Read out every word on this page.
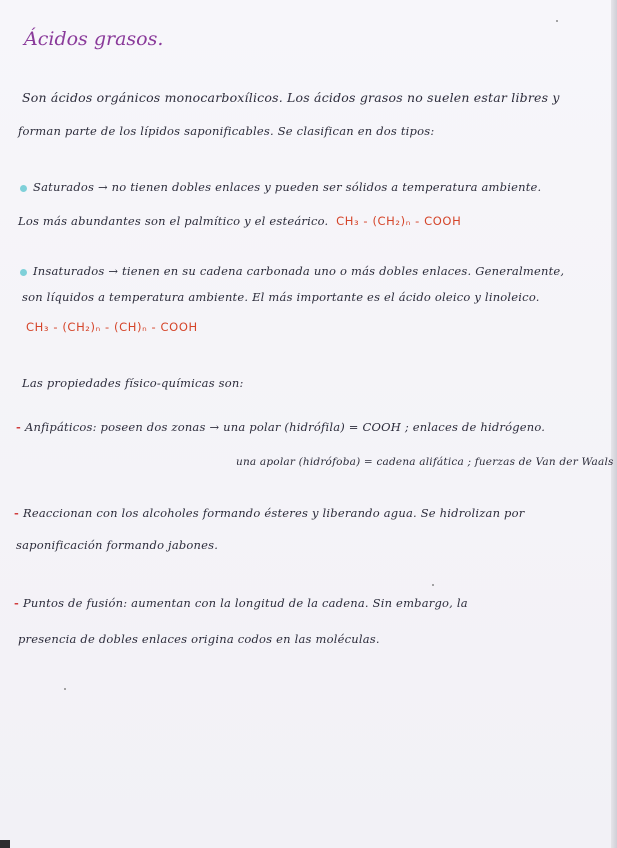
Ácidos grasos.
Son ácidos orgánicos monocarboxílicos. Los ácidos grasos no suelen estar libres y
forman parte de los lípidos saponificables. Se clasifican en dos tipos:
Saturados → no tienen dobles enlaces y pueden ser sólidos a temperatura ambiente.
Los más abundantes son el palmítico y el esteárico. CH₃ - (CH₂)ₙ - COOH
Insaturados → tienen en su cadena carbonada uno o más dobles enlaces. Generalmente,
son líquidos a temperatura ambiente. El más importante es el ácido oleico y linoleico.
CH₃ - (CH₂)ₙ - (CH)ₙ - COOH
Las propiedades físico-químicas son:
- Anfipáticos: poseen dos zonas → una polar (hidrófila) = COOH ; enlaces de hidrógeno.
una apolar (hidrófoba) = cadena alifática ; fuerzas de Van der Waals
- Reaccionan con los alcoholes formando ésteres y liberando agua. Se hidrolizan por
saponificación formando jabones.
- Puntos de fusión: aumentan con la longitud de la cadena. Sin embargo, la
presencia de dobles enlaces origina codos en las moléculas.
